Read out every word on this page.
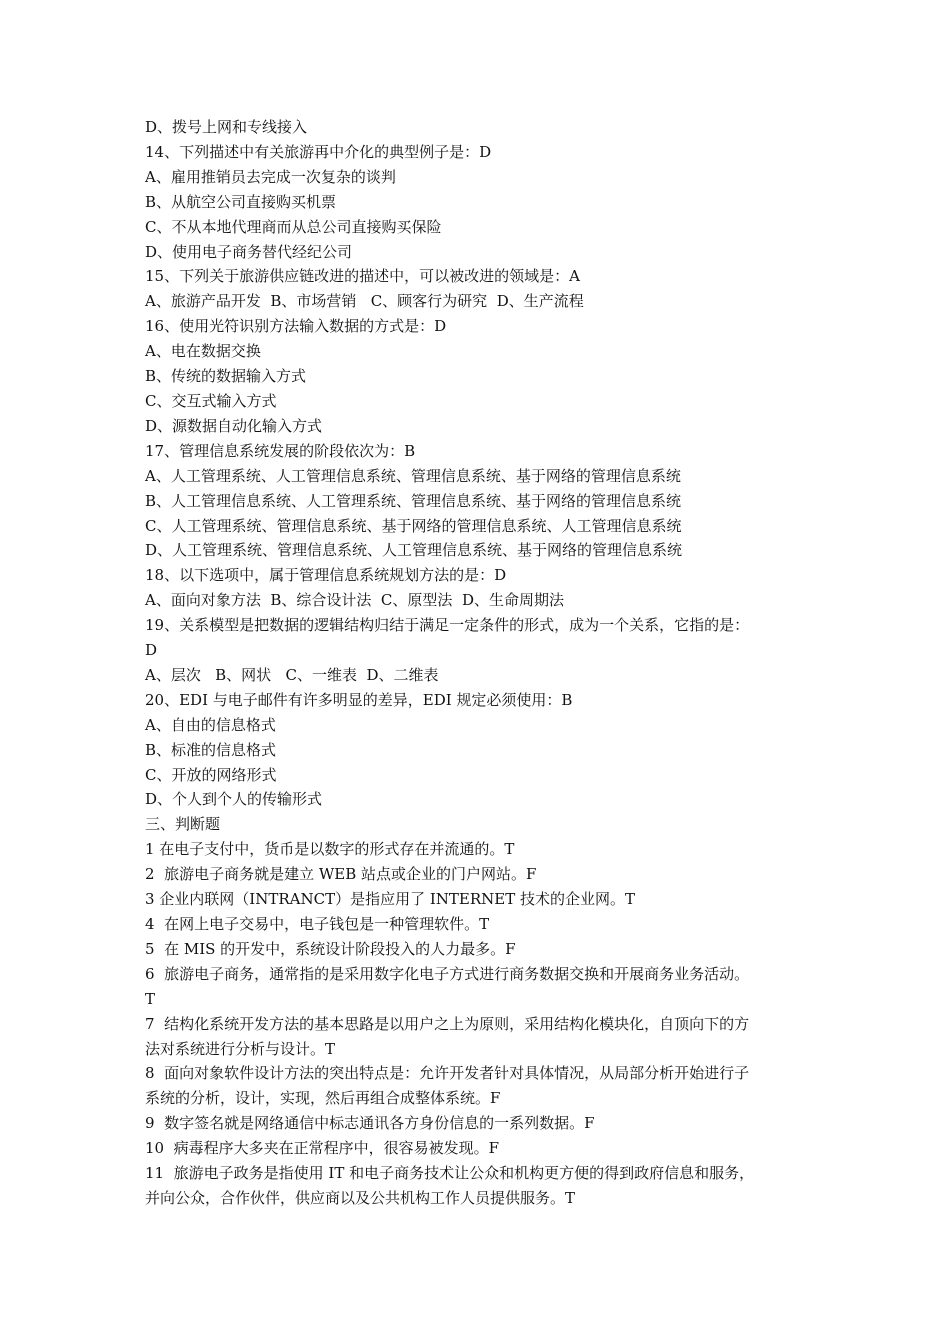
D、拨号上网和专线接入
14、下列描述中有关旅游再中介化的典型例子是：D
A、雇用推销员去完成一次复杂的谈判
B、从航空公司直接购买机票
C、不从本地代理商而从总公司直接购买保险
D、使用电子商务替代经纪公司
15、下列关于旅游供应链改进的描述中，可以被改进的领域是：A
A、旅游产品开发  B、市场营销   C、顾客行为研究  D、生产流程
16、使用光符识别方法输入数据的方式是：D
A、电在数据交换
B、传统的数据输入方式
C、交互式输入方式
D、源数据自动化输入方式
17、管理信息系统发展的阶段依次为：B
A、人工管理系统、人工管理信息系统、管理信息系统、基于网络的管理信息系统
B、人工管理信息系统、人工管理系统、管理信息系统、基于网络的管理信息系统
C、人工管理系统、管理信息系统、基于网络的管理信息系统、人工管理信息系统
D、人工管理系统、管理信息系统、人工管理信息系统、基于网络的管理信息系统
18、以下选项中，属于管理信息系统规划方法的是：D
A、面向对象方法  B、综合设计法  C、原型法  D、生命周期法
19、关系模型是把数据的逻辑结构归结于满足一定条件的形式，成为一个关系，它指的是：
D
A、层次   B、网状   C、一维表  D、二维表
20、EDI 与电子邮件有许多明显的差异，EDI 规定必须使用：B
A、自由的信息格式
B、标准的信息格式
C、开放的网络形式
D、个人到个人的传输形式
三、判断题
1 在电子支付中，货币是以数字的形式存在并流通的。T
2  旅游电子商务就是建立 WEB 站点或企业的门户网站。F
3 企业内联网（INTRANCT）是指应用了 INTERNET 技术的企业网。T
4  在网上电子交易中，电子钱包是一种管理软件。T
5  在 MIS 的开发中，系统设计阶段投入的人力最多。F
6  旅游电子商务，通常指的是采用数字化电子方式进行商务数据交换和开展商务业务活动。
T
7  结构化系统开发方法的基本思路是以用户之上为原则，采用结构化模块化，自顶向下的方
法对系统进行分析与设计。T
8  面向对象软件设计方法的突出特点是：允许开发者针对具体情况，从局部分析开始进行子
系统的分析，设计，实现，然后再组合成整体系统。F
9  数字签名就是网络通信中标志通讯各方身份信息的一系列数据。F
10  病毒程序大多夹在正常程序中，很容易被发现。F
11  旅游电子政务是指使用 IT 和电子商务技术让公众和机构更方便的得到政府信息和服务，
并向公众，合作伙伴，供应商以及公共机构工作人员提供服务。T
